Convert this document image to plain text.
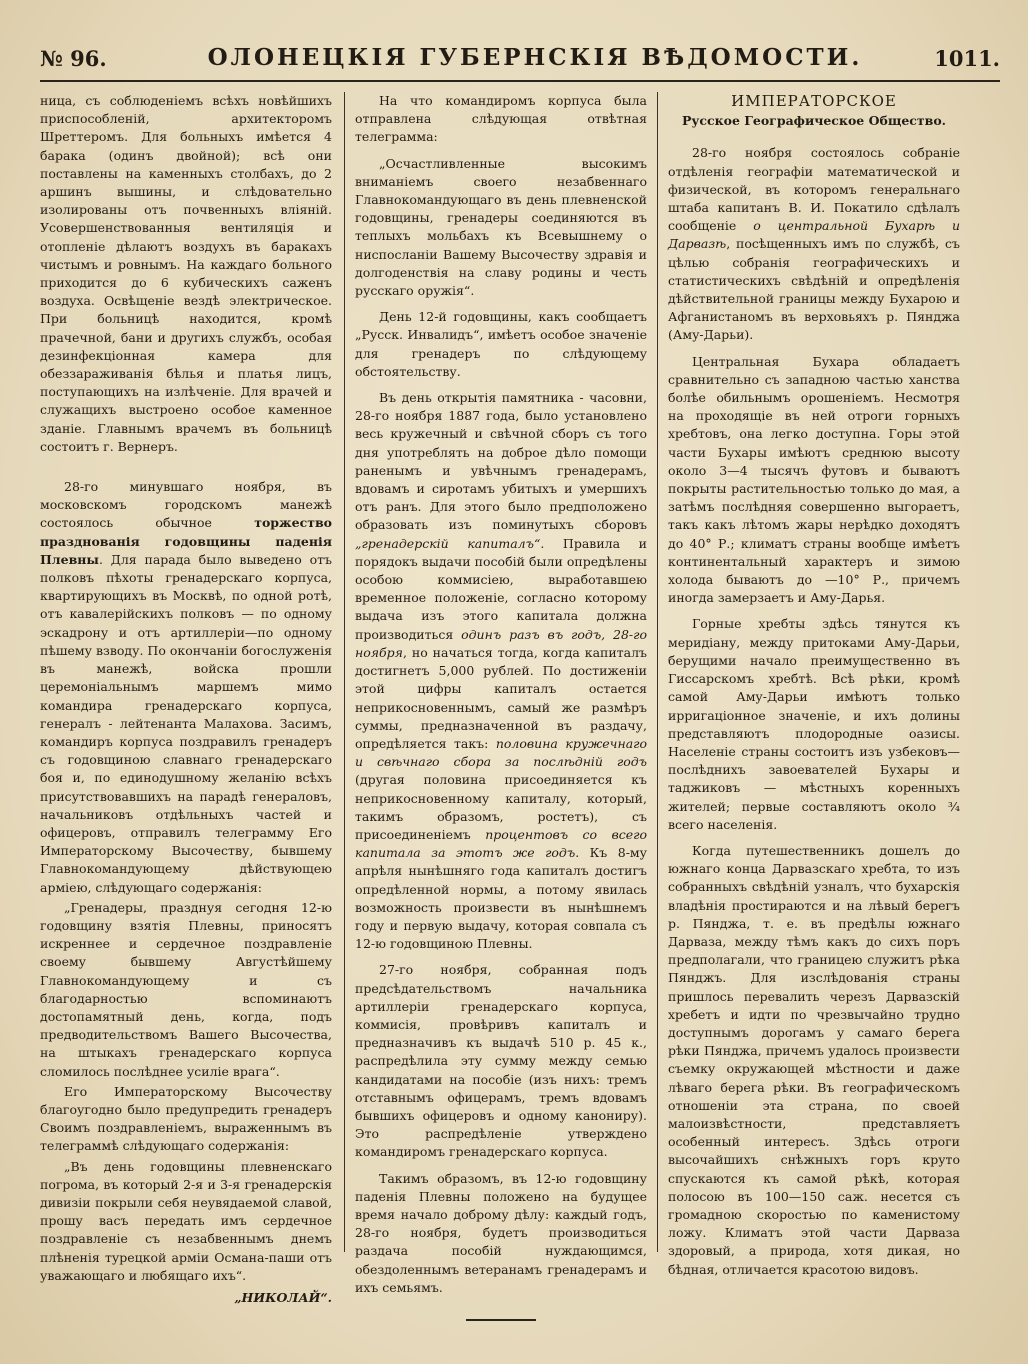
№ 96.	ОЛОНЕЦКІЯ ГУБЕРНСКІЯ ВѢДОМОСТИ.	1011.

ница, съ соблюденіемъ всѣхъ новѣйшихъ приспособленій, архитекторомъ Шреттеромъ. Для больныхъ имѣется 4 барака (одинъ двойной); всѣ они поставлены на каменныхъ столбахъ, до 2 аршинъ вышины, и слѣдовательно изолированы отъ почвенныхъ вліяній. Усовершенствованныя вентиляція и отопленіе дѣлаютъ воздухъ въ баракахъ чистымъ и ровнымъ. На каждаго больного приходится до 6 кубическихъ саженъ воздуха. Освѣщеніе вездѣ электрическое. При больницѣ находится, кромѣ прачечной, бани и другихъ службъ, особая дезинфекціонная камера для обеззараживанія бѣлья и платья лицъ, поступающихъ на излѣченіе. Для врачей и служащихъ выстроено особое каменное зданіе. Главнымъ врачемъ въ больницѣ состоитъ г. Вернеръ.

28-го минувшаго ноября, въ московскомъ городскомъ манежѣ состоялось обычное торжество празднованія годовщины паденія Плевны. Для парада было выведено отъ полковъ пѣхоты гренадерскаго корпуса, квартирующихъ въ Москвѣ, по одной ротѣ, отъ кавалерійскихъ полковъ — по одному эскадрону и отъ артиллеріи—по одному пѣшему взводу. По окончаніи богослуженія въ манежѣ, войска прошли церемоніальнымъ маршемъ мимо командира гренадерскаго корпуса, генералъ - лейтенанта Малахова. Засимъ, командиръ корпуса поздравилъ гренадеръ съ годовщиною славнаго гренадерскаго боя и, по единодушному желанію всѣхъ присутствовавшихъ на парадѣ генераловъ, начальниковъ отдѣльныхъ частей и офицеровъ, отправилъ телеграмму Его Императорскому Высочеству, бывшему Главнокомандующему дѣйствующею арміею, слѣдующаго содержанія:

„Гренадеры, празднуя сегодня 12-ю годовщину взятія Плевны, приносятъ искреннее и сердечное поздравленіе своему бывшему Августѣйшему Главнокомандующему и съ благодарностью вспоминаютъ достопамятный день, когда, подъ предводительствомъ Вашего Высочества, на штыкахъ гренадерскаго корпуса сломилось послѣднее усиліе врага“.

Его Императорскому Высочеству благоугодно было предупредить гренадеръ Своимъ поздравленіемъ, выраженнымъ въ телеграммѣ слѣдующаго содержанія:

„Въ день годовщины плевненскаго погрома, въ который 2-я и 3-я гренадерскія дивизіи покрыли себя неувядаемой славой, прошу васъ передать имъ сердечное поздравленіе съ незабвеннымъ днемъ плѣненія турецкой арміи Османа-паши отъ уважающаго и любящаго ихъ“.

„НИКОЛАЙ“.

На что командиромъ корпуса была отправлена слѣдующая отвѣтная телеграмма:

„Осчастливленные высокимъ вниманіемъ своего незабвеннаго Главнокомандующаго въ день плевненской годовщины, гренадеры соединяются въ теплыхъ мольбахъ къ Всевышнему о ниспосланіи Вашему Высочеству здравія и долгоденствія на славу родины и честь русскаго оружія“.

День 12-й годовщины, какъ сообщаетъ „Русск. Инвалидъ“, имѣетъ особое значеніе для гренадеръ по слѣдующему обстоятельству.

Въ день открытія памятника - часовни, 28-го ноября 1887 года, было установлено весь кружечный и свѣчной сборъ съ того дня употреблять на доброе дѣло помощи раненымъ и увѣчнымъ гренадерамъ, вдовамъ и сиротамъ убитыхъ и умершихъ отъ ранъ. Для этого было предположено образовать изъ поминутыхъ сборовъ „гренадерскій капиталъ“. Правила и порядокъ выдачи пособій были опредѣлены особою коммисіею, выработавшею временное положеніе, согласно которому выдача изъ этого капитала должна производиться одинъ разъ въ годъ, 28-го ноября, но начаться тогда, когда капиталъ достигнетъ 5,000 рублей. По достиженіи этой цифры капиталъ остается неприкосновеннымъ, самый же размѣръ суммы, предназначенной въ раздачу, опредѣляется такъ: половина кружечнаго и свѣчнаго сбора за послѣдній годъ (другая половина присоединяется къ неприкосновенному капиталу, который, такимъ образомъ, ростетъ), съ присоединеніемъ процентовъ со всего капитала за этотъ же годъ. Къ 8-му апрѣля нынѣшняго года капиталъ достигъ опредѣленной нормы, а потому явилась возможность произвести въ нынѣшнемъ году и первую выдачу, которая совпала съ 12-ю годовщиною Плевны.

27-го ноября, собранная подъ предсѣдательствомъ начальника артиллеріи гренадерскаго корпуса, коммисія, провѣривъ капиталъ и предназначивъ къ выдачѣ 510 р. 45 к., распредѣлила эту сумму между семью кандидатами на пособіе (изъ нихъ: тремъ отставнымъ офицерамъ, тремъ вдовамъ бывшихъ офицеровъ и одному канониру). Это распредѣленіе утверждено командиромъ гренадерскаго корпуса.

Такимъ образомъ, въ 12-ю годовщину паденія Плевны положено на будущее время начало доброму дѣлу: каждый годъ, 28-го ноября, будетъ производиться раздача пособій нуждающимся, обездоленнымъ ветеранамъ гренадерамъ и ихъ семьямъ.

ИМПЕРАТОРСКОЕ

Русское Географическое Общество.

28-го ноября состоялось собраніе отдѣленія географіи математической и физической, въ которомъ генеральнаго штаба капитанъ В. И. Покатило сдѣлалъ сообщеніе о центральной Бухарѣ и Дарвазѣ, посѣщенныхъ имъ по службѣ, съ цѣлью собранія географическихъ и статистическихъ свѣдѣній и опредѣленія дѣйствительной границы между Бухарою и Афганистаномъ въ верховьяхъ р. Пянджа (Аму-Дарьи).

Центральная Бухара обладаетъ сравнительно съ западною частью ханства болѣе обильнымъ орошеніемъ. Несмотря на проходящіе въ ней отроги горныхъ хребтовъ, она легко доступна. Горы этой части Бухары имѣютъ среднюю высоту около 3—4 тысячъ футовъ и бываютъ покрыты растительностью только до мая, а затѣмъ послѣдняя совершенно выгораетъ, такъ какъ лѣтомъ жары нерѣдко доходятъ до 40° Р.; климатъ страны вообще имѣетъ континентальный характеръ и зимою холода бываютъ до —10° Р., причемъ иногда замерзаетъ и Аму-Дарья.

Горные хребты здѣсь тянутся къ меридіану, между притоками Аму-Дарьи, берущими начало преимущественно въ Гиссарскомъ хребтѣ. Всѣ рѣки, кромѣ самой Аму-Дарьи имѣютъ только ирригаціонное значеніе, и ихъ долины представляютъ плодородные оазисы. Населеніе страны состоитъ изъ узбековъ—послѣднихъ завоевателей Бухары и таджиковъ — мѣстныхъ коренныхъ жителей; первые составляютъ около ¾ всего населенія.

Когда путешественникъ дошелъ до южнаго конца Дарвазскаго хребта, то изъ собранныхъ свѣдѣній узналъ, что бухарскія владѣнія простираются и на лѣвый берегъ р. Пянджа, т. е. въ предѣлы южнаго Дарваза, между тѣмъ какъ до сихъ поръ предполагали, что границею служитъ рѣка Пянджъ. Для изслѣдованія страны пришлось перевалить черезъ Дарвазскій хребетъ и идти по чрезвычайно трудно доступнымъ дорогамъ у самаго берега рѣки Пянджа, причемъ удалось произвести съемку окружающей мѣстности и даже лѣваго берега рѣки. Въ географическомъ отношеніи эта страна, по своей малоизвѣстности, представляетъ особенный интересъ. Здѣсь отроги высочайшихъ снѣжныхъ горъ круто спускаются къ самой рѣкѣ, которая полосою въ 100—150 саж. несется съ громадною скоростью по каменистому ложу. Климатъ этой части Дарваза здоровый, а природа, хотя дикая, но бѣдная, отличается красотою видовъ.
